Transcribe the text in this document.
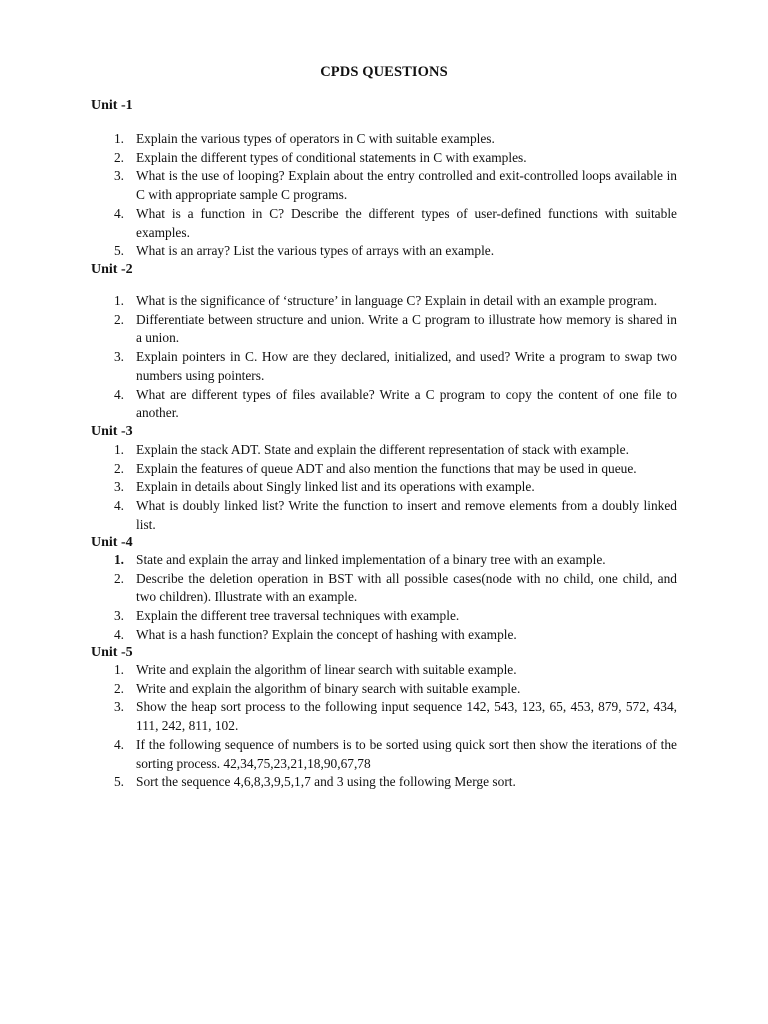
CPDS QUESTIONS
Unit -1
1. Explain the various types of operators in C with suitable examples.
2. Explain the different types of conditional statements in C with examples.
3. What is the use of looping? Explain about the entry controlled and exit-controlled loops available in C with appropriate sample C programs.
4. What is a function in C? Describe the different types of user-defined functions with suitable examples.
5. What is an array? List the various types of arrays with an example.
Unit -2
1. What is the significance of ‘structure’ in language C? Explain in detail with an example program.
2. Differentiate between structure and union. Write a C program to illustrate how memory is shared in a union.
3. Explain pointers in C. How are they declared, initialized, and used? Write a program to swap two numbers using pointers.
4. What are different types of files available? Write a C program to copy the content of one file to another.
Unit -3
1. Explain the stack ADT. State and explain the different representation of stack with example.
2. Explain the features of queue ADT and also mention the functions that may be used in queue.
3. Explain in details about Singly linked list and its operations with example.
4. What is doubly linked list? Write the function to insert and remove elements from a doubly linked list.
Unit -4
1. State and explain the array and linked implementation of a binary tree with an example.
2. Describe the deletion operation in BST with all possible cases(node with no child, one child, and two children). Illustrate with an example.
3. Explain the different tree traversal techniques with example.
4. What is a hash function? Explain the concept of hashing with example.
Unit -5
1. Write and explain the algorithm of linear search with suitable example.
2. Write and explain the algorithm of binary search with suitable example.
3. Show the heap sort process to the following input sequence 142, 543, 123, 65, 453, 879, 572, 434, 111, 242, 811, 102.
4. If the following sequence of numbers is to be sorted using quick sort then show the iterations of the sorting process. 42,34,75,23,21,18,90,67,78
5. Sort the sequence 4,6,8,3,9,5,1,7 and 3 using the following Merge sort.
